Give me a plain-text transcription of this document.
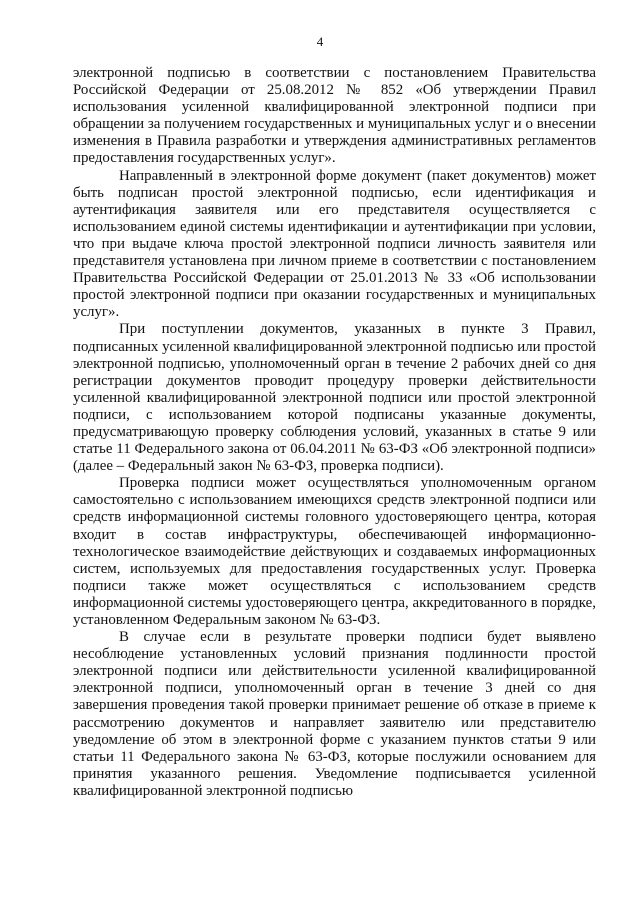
4

электронной подписью в соответствии с постановлением Правительства Российской Федерации от 25.08.2012 № 852 «Об утверждении Правил использования усиленной квалифицированной электронной подписи при обращении за получением государственных и муниципальных услуг и о внесении изменения в Правила разработки и утверждения административных регламентов предоставления государственных услуг».

Направленный в электронной форме документ (пакет документов) может быть подписан простой электронной подписью, если идентификация и аутентификация заявителя или его представителя осуществляется с использованием единой системы идентификации и аутентификации при условии, что при выдаче ключа простой электронной подписи личность заявителя или представителя установлена при личном приеме в соответствии с постановлением Правительства Российской Федерации от 25.01.2013 № 33 «Об использовании простой электронной подписи при оказании государственных и муниципальных услуг».

При поступлении документов, указанных в пункте 3 Правил, подписанных усиленной квалифицированной электронной подписью или простой электронной подписью, уполномоченный орган в течение 2 рабочих дней со дня регистрации документов проводит процедуру проверки действительности усиленной квалифицированной электронной подписи или простой электронной подписи, с использованием которой подписаны указанные документы, предусматривающую проверку соблюдения условий, указанных в статье 9 или статье 11 Федерального закона от 06.04.2011 № 63-ФЗ «Об электронной подписи» (далее – Федеральный закон № 63-ФЗ, проверка подписи).

Проверка подписи может осуществляться уполномоченным органом самостоятельно с использованием имеющихся средств электронной подписи или средств информационной системы головного удостоверяющего центра, которая входит в состав инфраструктуры, обеспечивающей информационно-технологическое взаимодействие действующих и создаваемых информационных систем, используемых для предоставления государственных услуг. Проверка подписи также может осуществляться с использованием средств информационной системы удостоверяющего центра, аккредитованного в порядке, установленном Федеральным законом № 63-ФЗ.

В случае если в результате проверки подписи будет выявлено несоблюдение установленных условий признания подлинности простой электронной подписи или действительности усиленной квалифицированной электронной подписи, уполномоченный орган в течение 3 дней со дня завершения проведения такой проверки принимает решение об отказе в приеме к рассмотрению документов и направляет заявителю или представителю уведомление об этом в электронной форме с указанием пунктов статьи 9 или статьи 11 Федерального закона № 63-ФЗ, которые послужили основанием для принятия указанного решения. Уведомление подписывается усиленной квалифицированной электронной подписью
